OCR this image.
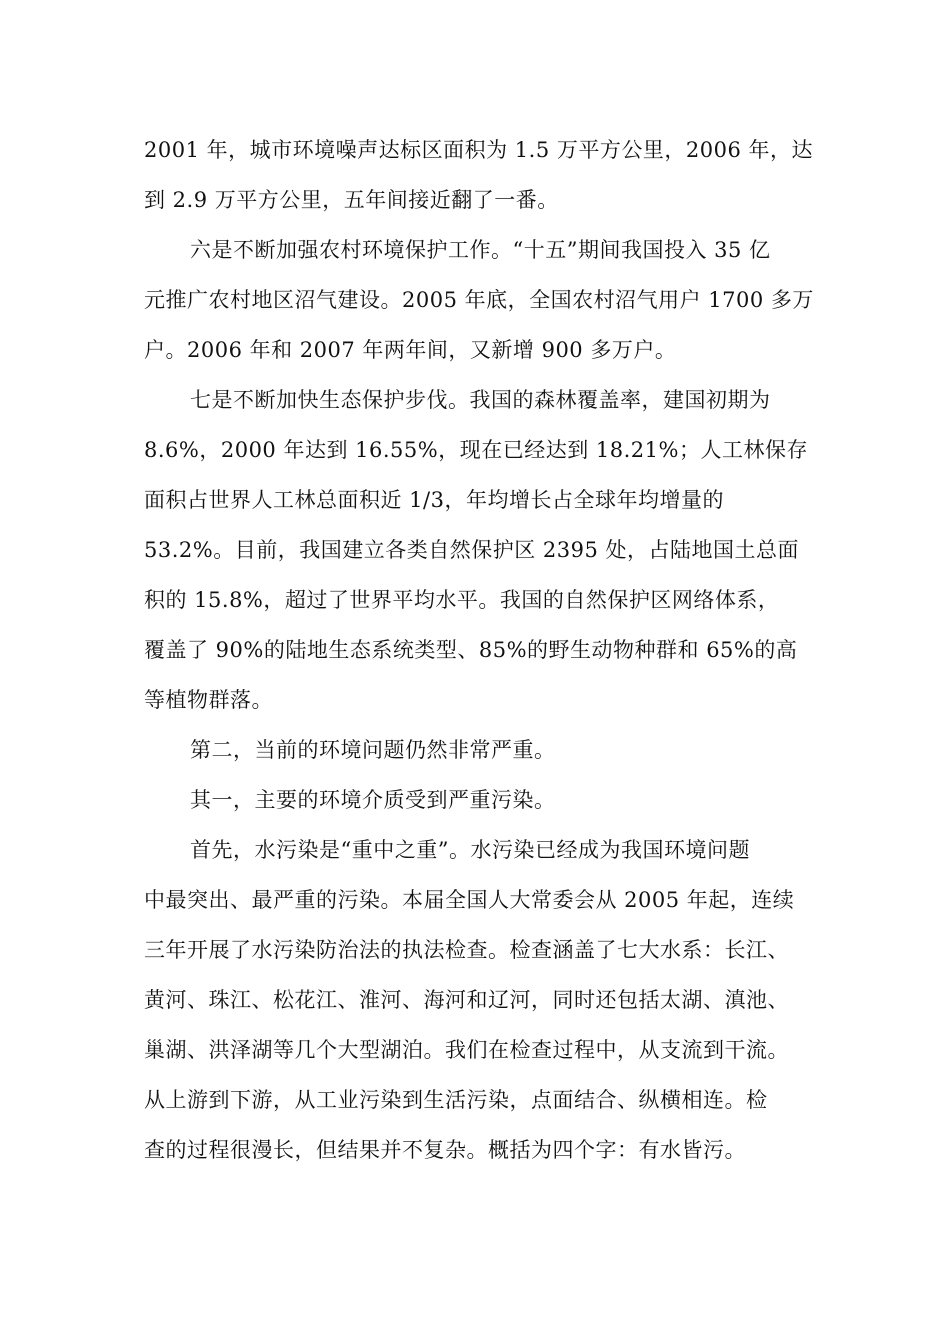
2001 年，城市环境噪声达标区面积为 1.5 万平方公里，2006 年，达
到 2.9 万平方公里，五年间接近翻了一番。
六是不断加强农村环境保护工作。“十五”期间我国投入 35 亿
元推广农村地区沼气建设。2005 年底，全国农村沼气用户 1700 多万
户。2006 年和 2007 年两年间，又新增 900 多万户。
七是不断加快生态保护步伐。我国的森林覆盖率，建国初期为
8.6%，2000 年达到 16.55%，现在已经达到 18.21%；人工林保存
面积占世界人工林总面积近 1/3，年均增长占全球年均增量的
53.2%。目前，我国建立各类自然保护区 2395 处，占陆地国土总面
积的 15.8%，超过了世界平均水平。我国的自然保护区网络体系，
覆盖了 90%的陆地生态系统类型、85%的野生动物种群和 65%的高
等植物群落。
第二，当前的环境问题仍然非常严重。
其一，主要的环境介质受到严重污染。
首先，水污染是“重中之重”。水污染已经成为我国环境问题
中最突出、最严重的污染。本届全国人大常委会从 2005 年起，连续
三年开展了水污染防治法的执法检查。检查涵盖了七大水系：长江、
黄河、珠江、松花江、淮河、海河和辽河，同时还包括太湖、滇池、
巢湖、洪泽湖等几个大型湖泊。我们在检查过程中，从支流到干流。
从上游到下游，从工业污染到生活污染，点面结合、纵横相连。检
查的过程很漫长，但结果并不复杂。概括为四个字：有水皆污。
